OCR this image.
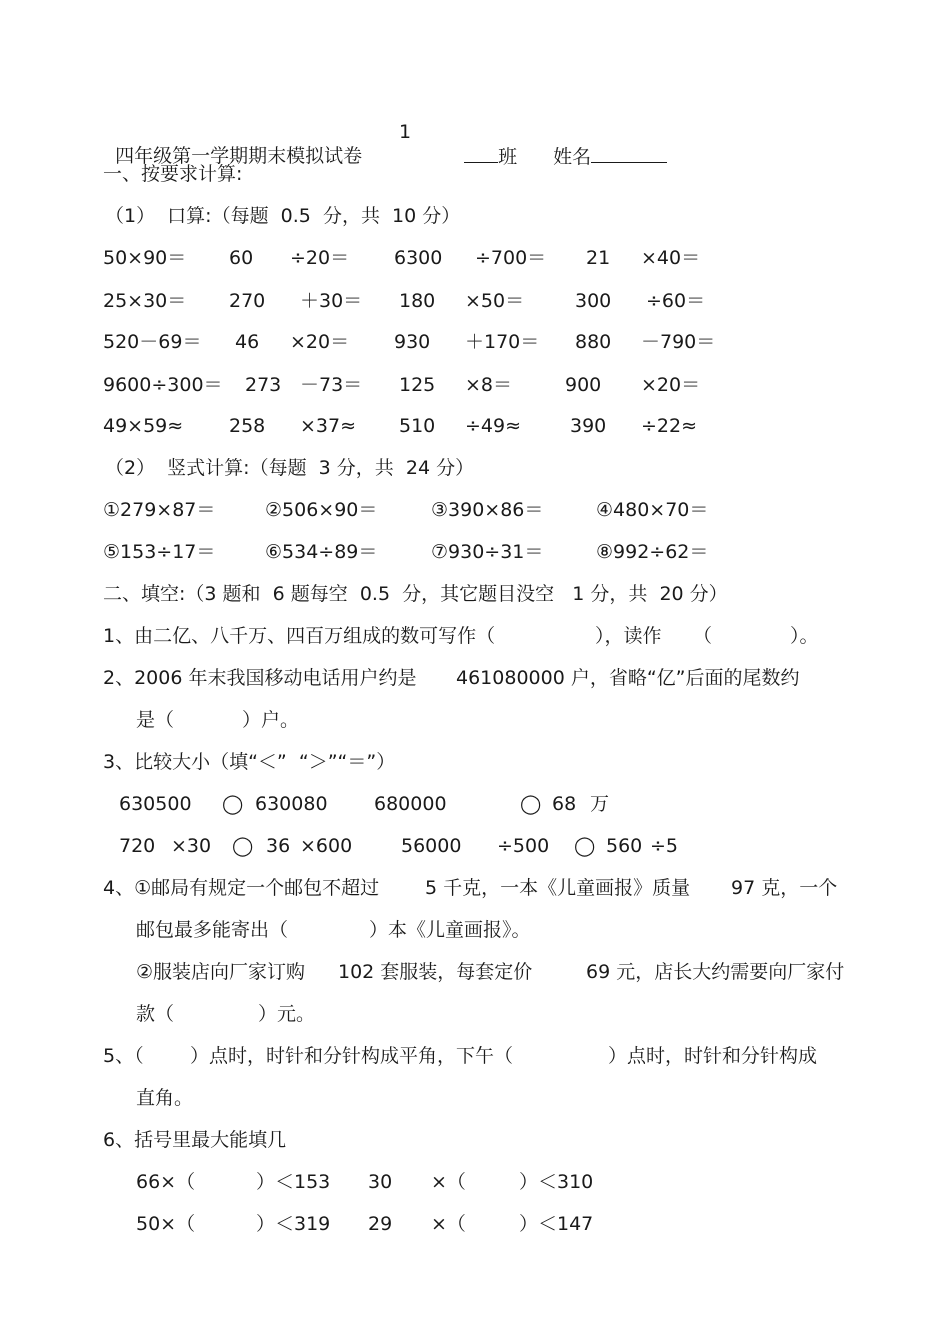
四年级第一学期期末模拟试卷

1

班	姓名

一、按要求计算:
（1）  口算:（每题  0.5  分，共  10 分）
50×90＝ 60 ÷20＝ 6300 ÷700＝ 21 ×40＝
25×30＝ 270 ＋30＝ 180 ×50＝	300 ÷60＝
520－69＝ 46 ×20＝ 930 ＋170＝ 880 －790＝
9600÷300＝ 273 －73＝ 125 ×8＝	900 ×20＝
49×59≈ 258 ×37≈ 510 ÷49≈	390 ÷22≈
（2）  竖式计算:（每题  3 分，共  24 分）
①279×87＝	②506×90＝	③390×86＝	④480×70＝
⑤153÷17＝	⑥534÷89＝	⑦930÷31＝	⑧992÷62＝
二、填空:（3 题和  6 题每空  0.5  分，其它题目没空   1 分，共  20 分）
1、由二亿、八千万、四百万组成的数可写作（	），读作 （	）。
2、2006 年末我国移动电话用户约是 461080000 户，省略“亿”后面的尾数约
是（	）户。
3、比较大小（填“＜”  “＞”“＝”）
630500 ◯ 630080 680000	◯ 68 万
720 ×30 ◯ 36 ×600	56000 ÷500 ◯ 560 ÷5
4、①邮局有规定一个邮包不超过 5 千克，一本《儿童画报》质量 97 克，一个
邮包最多能寄出（	）本《儿童画报》。
②服装店向厂家订购 102 套服装，每套定价	69 元，店长大约需要向厂家付
款（	）元。
5、（ ）点时，时针和分针构成平角，下午（	）点时，时针和分针构成
直角。
6、括号里最大能填几
66×（	）＜153 30 ×（	）＜310
50×（	）＜319 29 ×（	）＜147
